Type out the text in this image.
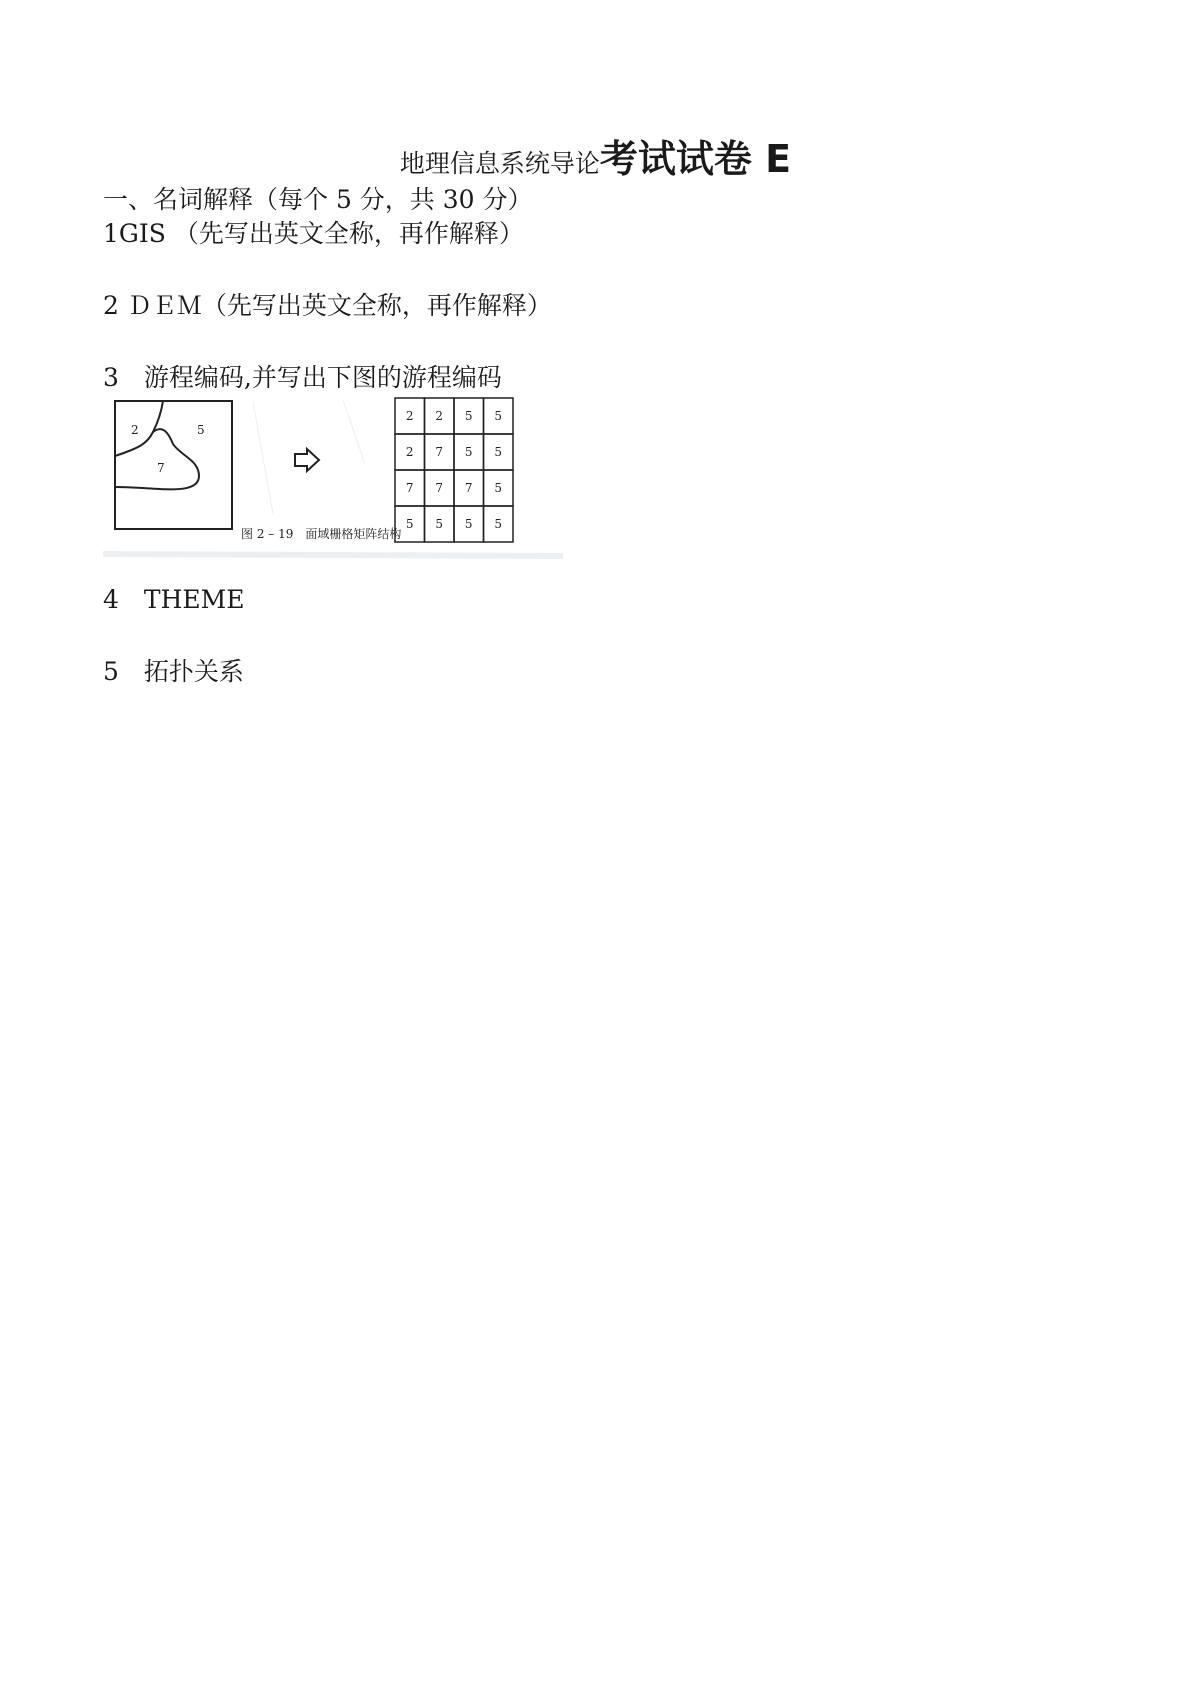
地理信息系统导论考试试卷 E
一、名词解释（每个 5 分，共 30 分）
1GIS （先写出英文全称，再作解释）
2 ＤＥＭ（先写出英文全称，再作解释）
3　游程编码,并写出下图的游程编码
2	5
7
2 2 5 5
2 7 5 5
7 7 7 5
5 5 5 5
图 2 – 19　面域栅格矩阵结构
4　THEME
5　拓扑关系
